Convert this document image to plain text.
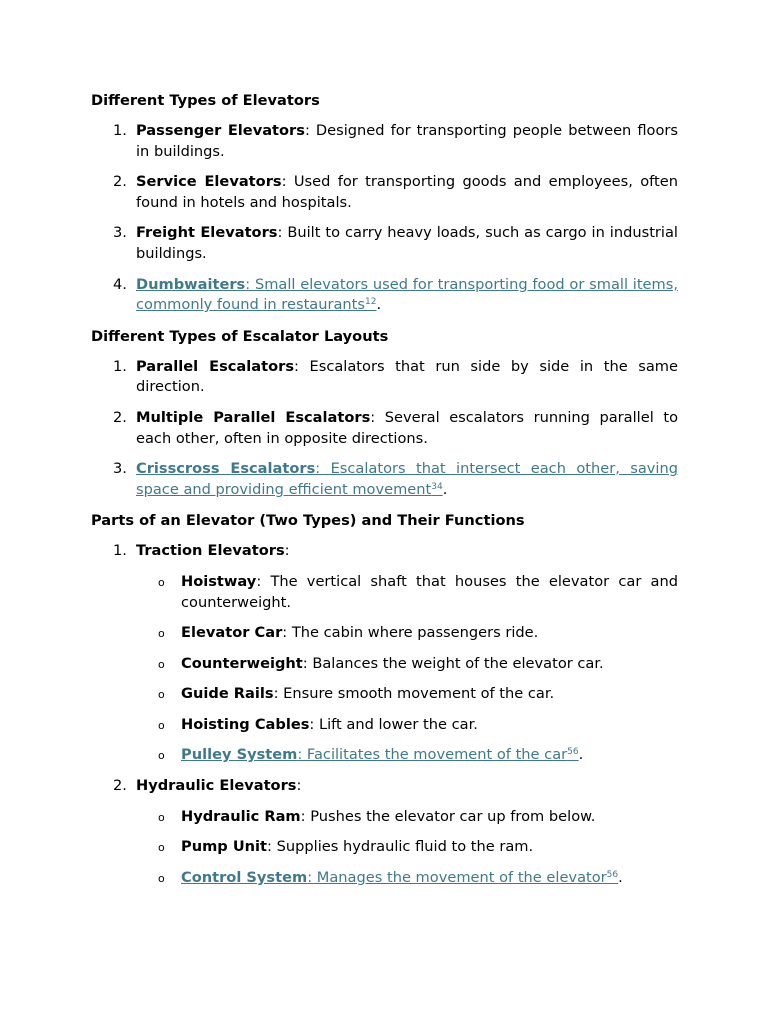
Different Types of Elevators
1. Passenger Elevators: Designed for transporting people between floors in buildings.
2. Service Elevators: Used for transporting goods and employees, often found in hotels and hospitals.
3. Freight Elevators: Built to carry heavy loads, such as cargo in industrial buildings.
4. Dumbwaiters: Small elevators used for transporting food or small items, commonly found in restaurants$^{12}$.
Different Types of Escalator Layouts
1. Parallel Escalators: Escalators that run side by side in the same direction.
2. Multiple Parallel Escalators: Several escalators running parallel to each other, often in opposite directions.
3. Crisscross Escalators: Escalators that intersect each other, saving space and providing efficient movement$^{34}$.
Parts of an Elevator (Two Types) and Their Functions
1. Traction Elevators:
o Hoistway: The vertical shaft that houses the elevator car and counterweight.
o Elevator Car: The cabin where passengers ride.
o Counterweight: Balances the weight of the elevator car.
o Guide Rails: Ensure smooth movement of the car.
o Hoisting Cables: Lift and lower the car.
o Pulley System: Facilitates the movement of the car$^{56}$.
2. Hydraulic Elevators:
o Hydraulic Ram: Pushes the elevator car up from below.
o Pump Unit: Supplies hydraulic fluid to the ram.
o Control System: Manages the movement of the elevator$^{56}$.
